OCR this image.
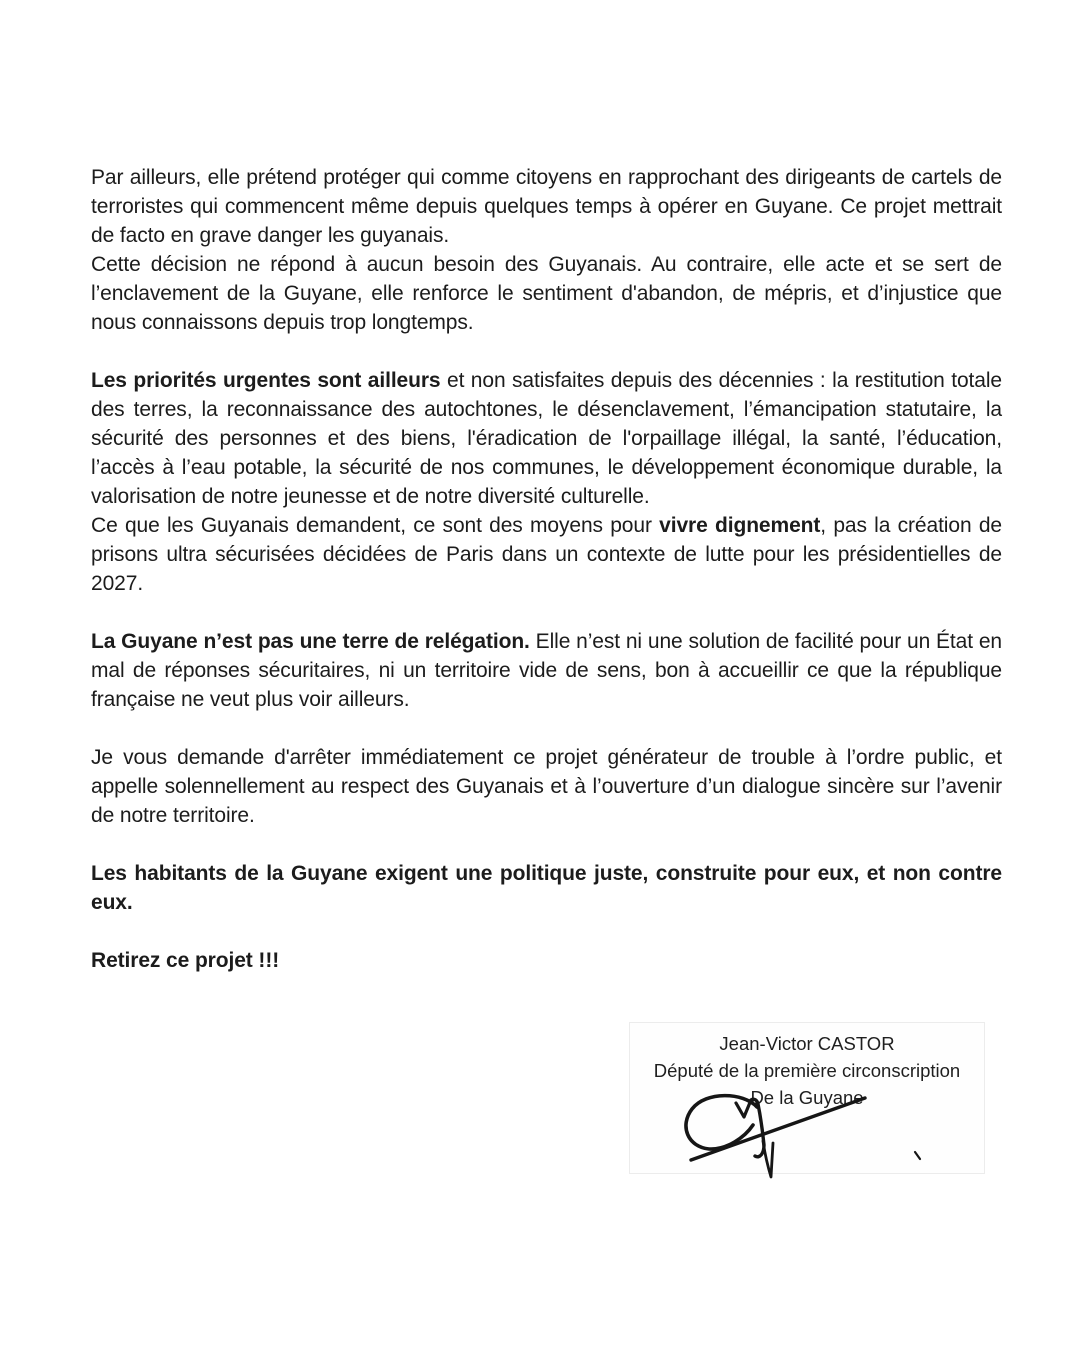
Par ailleurs, elle prétend protéger qui comme citoyens en rapprochant des dirigeants de cartels de terroristes qui commencent même depuis quelques temps à opérer en Guyane. Ce projet mettrait de facto en grave danger les guyanais.

Cette décision ne répond à aucun besoin des Guyanais. Au contraire, elle acte et se sert de l’enclavement de la Guyane, elle renforce le sentiment d'abandon, de mépris, et d’injustice que nous connaissons depuis trop longtemps.

Les priorités urgentes sont ailleurs et non satisfaites depuis des décennies : la restitution totale des terres, la reconnaissance des autochtones, le désenclavement, l’émancipation statutaire, la sécurité des personnes et des biens, l'éradication de l'orpaillage illégal, la santé, l’éducation, l’accès à l’eau potable, la sécurité de nos communes, le développement économique durable, la valorisation de notre jeunesse et de notre diversité culturelle.

Ce que les Guyanais demandent, ce sont des moyens pour vivre dignement, pas la création de prisons ultra sécurisées décidées de Paris dans un contexte de lutte pour les présidentielles de 2027.

La Guyane n’est pas une terre de relégation. Elle n’est ni une solution de facilité pour un État en mal de réponses sécuritaires, ni un territoire vide de sens, bon à accueillir ce que la république française ne veut plus voir ailleurs.

Je vous demande d'arrêter immédiatement ce projet générateur de trouble à l’ordre public, et appelle solennellement au respect des Guyanais et à l’ouverture d’un dialogue sincère sur l’avenir de notre territoire.

Les habitants de la Guyane exigent une politique juste, construite pour eux, et non contre eux.

Retirez ce projet !!!

Jean-Victor CASTOR
Député de la première circonscription
De la Guyane
